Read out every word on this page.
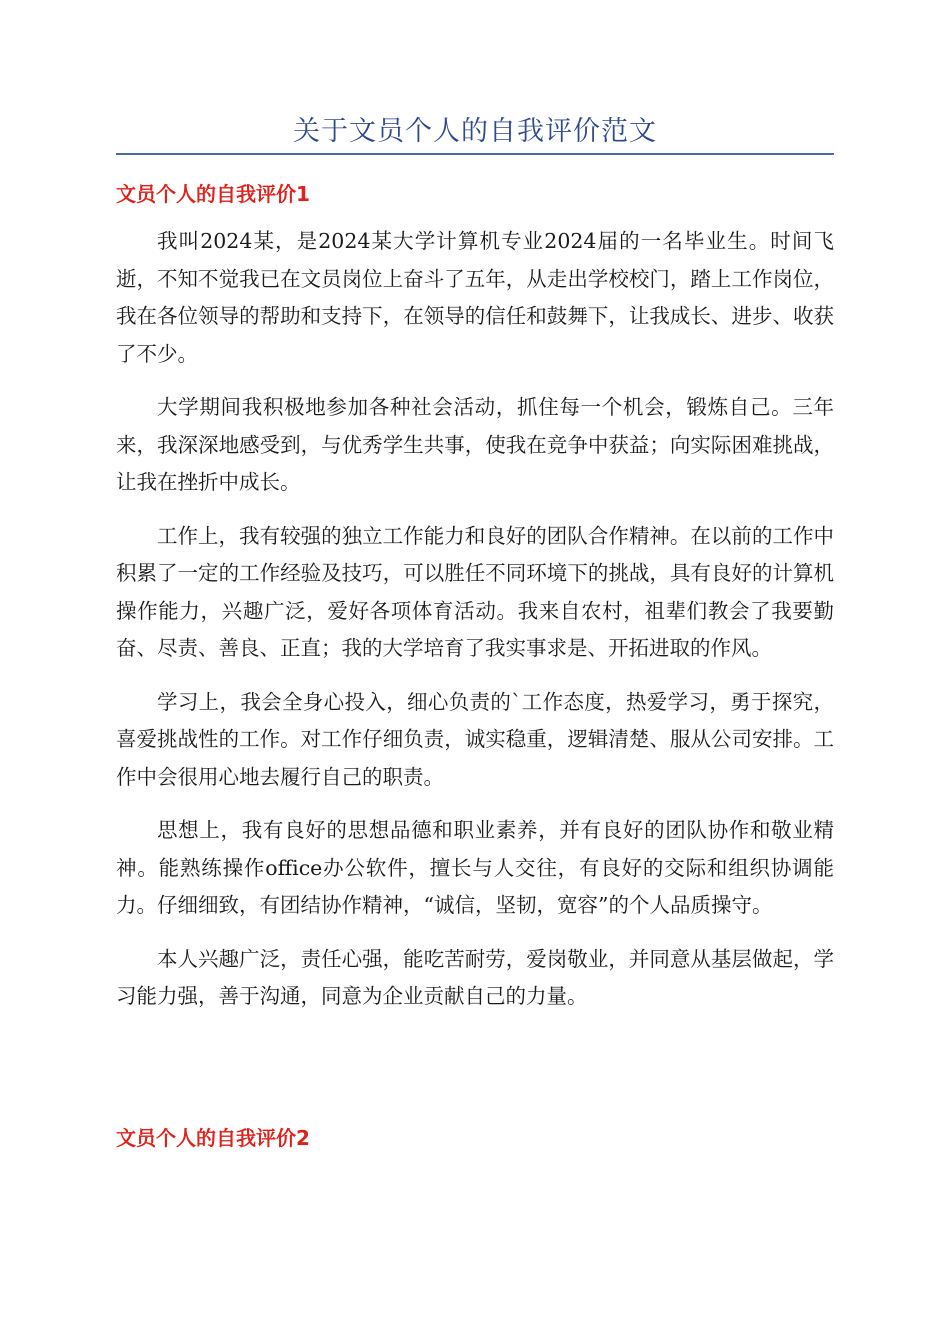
关于文员个人的自我评价范文
文员个人的自我评价1

我叫2024某，是2024某大学计算机专业2024届的一名毕业生。时间飞逝，不知不觉我已在文员岗位上奋斗了五年，从走出学校校门，踏上工作岗位，我在各位领导的帮助和支持下，在领导的信任和鼓舞下，让我成长、进步、收获了不少。

大学期间我积极地参加各种社会活动，抓住每一个机会，锻炼自己。三年来，我深深地感受到，与优秀学生共事，使我在竞争中获益；向实际困难挑战，让我在挫折中成长。

工作上，我有较强的独立工作能力和良好的团队合作精神。在以前的工作中积累了一定的工作经验及技巧，可以胜任不同环境下的挑战，具有良好的计算机操作能力，兴趣广泛，爱好各项体育活动。我来自农村，祖辈们教会了我要勤奋、尽责、善良、正直；我的大学培育了我实事求是、开拓进取的作风。

学习上，我会全身心投入，细心负责的`工作态度，热爱学习，勇于探究，喜爱挑战性的工作。对工作仔细负责，诚实稳重，逻辑清楚、服从公司安排。工作中会很用心地去履行自己的职责。

思想上，我有良好的思想品德和职业素养，并有良好的团队协作和敬业精神。能熟练操作office办公软件，擅长与人交往，有良好的交际和组织协调能力。仔细细致，有团结协作精神，“诚信，坚韧，宽容”的个人品质操守。

本人兴趣广泛，责任心强，能吃苦耐劳，爱岗敬业，并同意从基层做起，学习能力强，善于沟通，同意为企业贡献自己的力量。

文员个人的自我评价2
